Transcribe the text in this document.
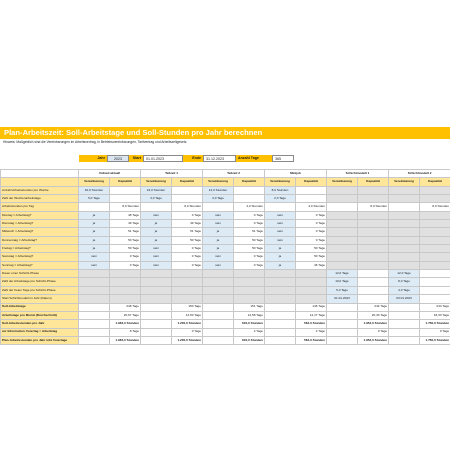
Plan-Arbeitszeit: Soll-Arbeitstage und Soll-Stunden pro Jahr berechnen
Hinweis: Maßgeblich sind die Vereinbarungen im Arbeitsvertrag, in Betriebsvereinbarungen, Tarifvertrag und Arbeitszeitgesetz.
Jahr	2023	Start	01.01.2023	Ende	31.12.2023	Anzahl Tage	365
	Vollzeit aktuell		Teilzeit 1		Teilzeit 2		Minijob		Schichtmodell 1		Schichtmodell 2	
	Vereinbarung	Kapazität	Vereinbarung	Kapazität	Vereinbarung	Kapazität	Vereinbarung	Kapazität	Vereinbarung	Kapazität	Vereinbarung	Kapazität
Anzahl Arbeitsstunden pro Woche	40,0 Stunden		24,0 Stunden		12,0 Stunden		8,0 Stunden					
Zahl der Wochenarbeitstage	5,0 Tage		3,0 Tage		3,0 Tage		2,0 Tage					
Arbeitsstunden pro Tag		8,0 Stunden		8,0 Stunden		4,0 Stunden		4,0 Stunden		8,0 Stunden		8,0 Stunden
Montag = Arbeitstag?	ja	48 Tage	nein	0 Tage	nein	0 Tage	nein	0 Tage				
Dienstag = Arbeitstag?	ja	49 Tage	ja	49 Tage	nein	0 Tage	nein	0 Tage				
Mittwoch = Arbeitstag?	ja	51 Tage	ja	51 Tage	ja	51 Tage	nein	0 Tage				
Donnerstag = Arbeitstag?	ja	50 Tage	ja	50 Tage	ja	50 Tage	nein	0 Tage				
Freitag = Arbeitstag?	ja	50 Tage	nein	0 Tage	ja	50 Tage	ja	50 Tage				
Samstag = Arbeitstag?	nein	0 Tage	nein	0 Tage	nein	0 Tage	ja	50 Tage				
Sonntag = Arbeitstag?	nein	0 Tage	nein	0 Tage	nein	0 Tage	ja	46 Tage				
Dauer einer Schicht-Phase									12,0 Tage		12,0 Tage	
Zahl der Arbeitstage pro Schicht-Phase									10,0 Tage		8,0 Tage	
Zahl der freien Tage pro Schicht-Phase									5,0 Tage		4,0 Tage	
Start Schichtmodell im Jahr (Datum)									01.01.2023		03.01.2023	
Soll-Arbeitstage		248 Tage		150 Tage		151 Tage		146 Tage		244 Tage		244 Tage
Arbeitstage pro Monat (Durchschnitt)		20,67 Tage		12,50 Tage		12,58 Tage		12,17 Tage		20,33 Tage		18,33 Tage
Soll-Arbeitsstunden pro Jahr		1.984,0 Stunden		1.200,0 Stunden		604,0 Stunden		584,0 Stunden		1.952,0 Stunden		1.760,0 Stunden
zur Information: Feiertag = Arbeitstag		8 Tage		0 Tage		4 Tage		4 Tage		0 Tage		0 Tage
Plan-Arbeitsstunden pro Jahr inkl. Feiertage		1.984,0 Stunden		1.200,0 Stunden		604,0 Stunden		584,0 Stunden		1.952,0 Stunden		1.760,0 Stunden
